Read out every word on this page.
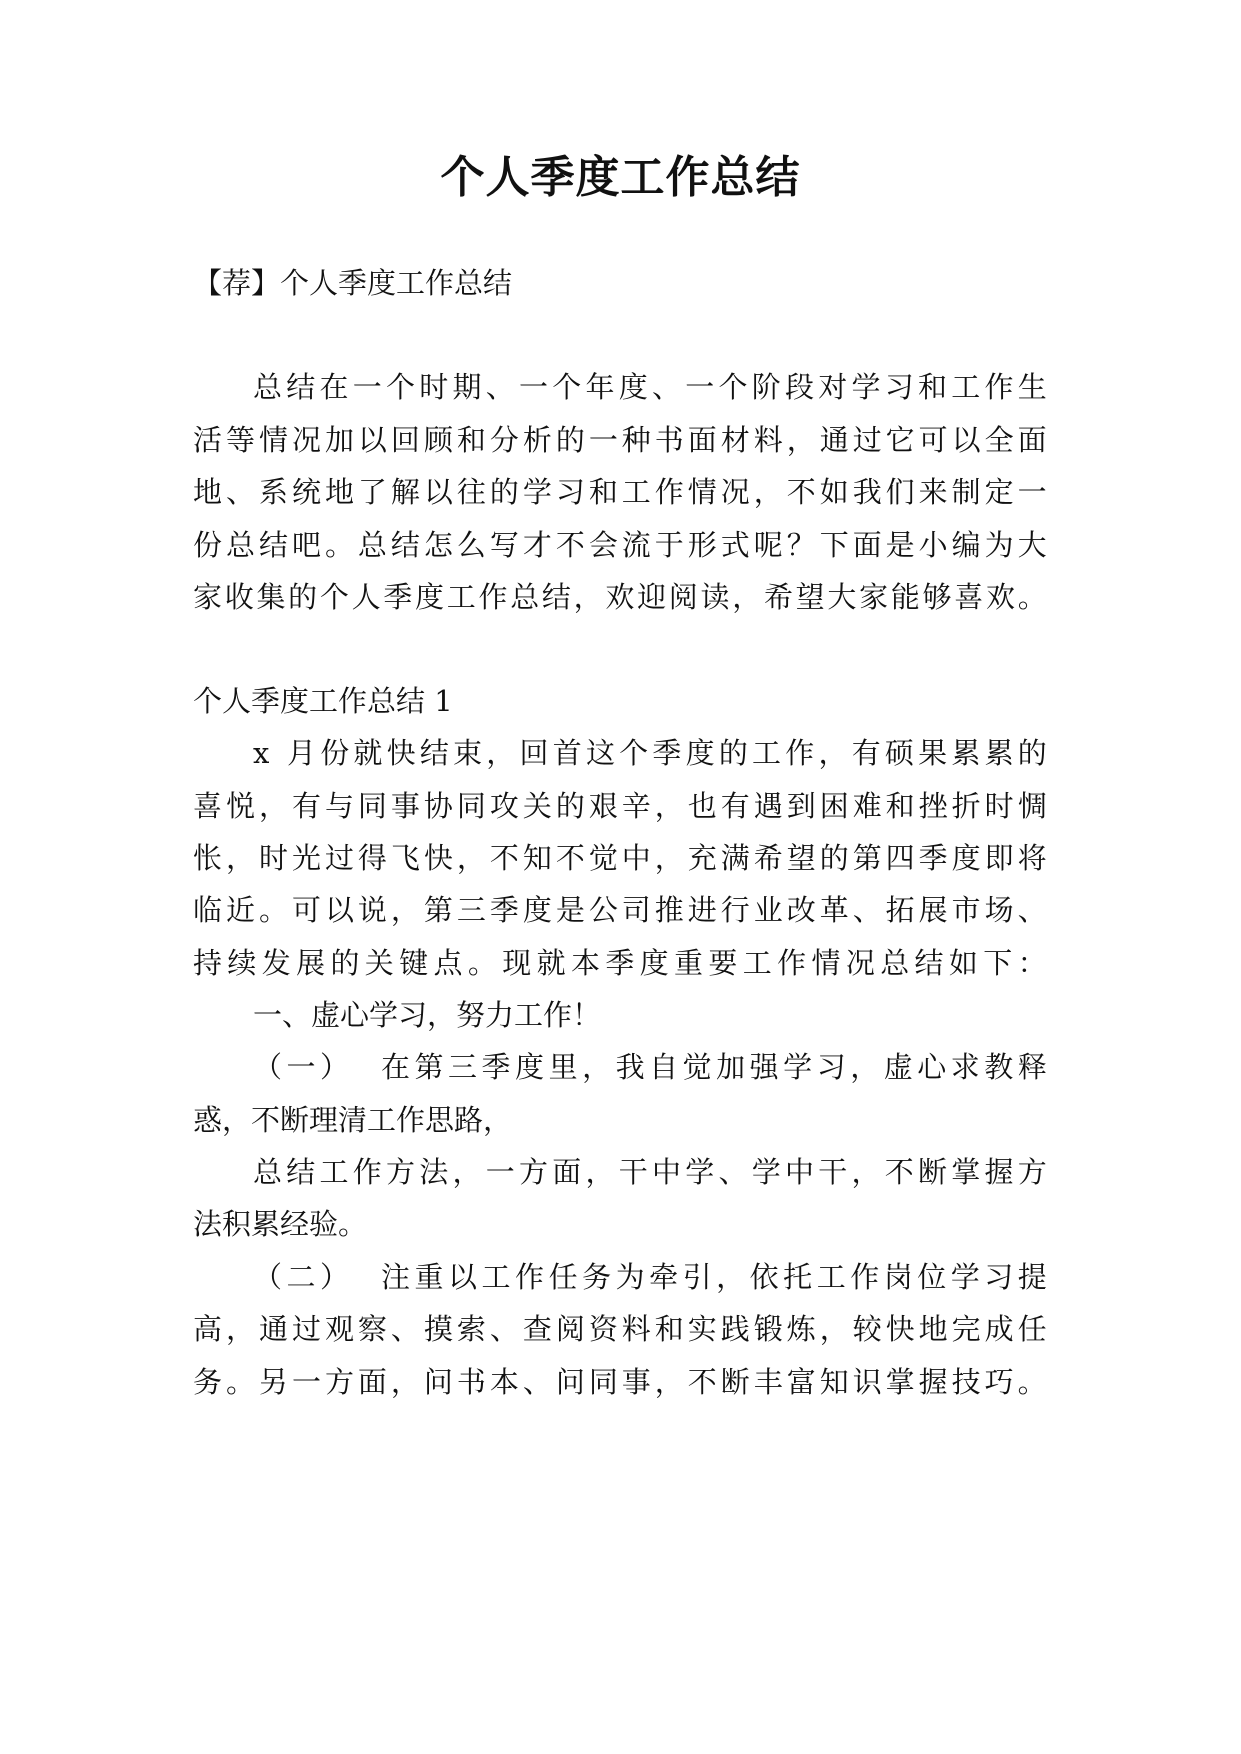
个人季度工作总结
【荐】个人季度工作总结
总 结 在 一 个 时 期 、 一 个 年 度 、 一 个 阶 段 对 学 习 和 工 作 生
活 等 情 况 加 以 回 顾 和 分 析 的 一 种 书 面 材 料 ， 通 过 它 可 以 全 面
地 、 系 统 地 了 解 以 往 的 学 习 和 工 作 情 况 ， 不 如 我 们 来 制 定 一
份 总 结 吧 。 总 结 怎 么 写 才 不 会 流 于 形 式 呢 ？ 下 面 是 小 编 为 大
家 收 集 的 个 人 季 度 工 作 总 结 ， 欢 迎 阅 读 ， 希 望 大 家 能 够 喜 欢 。
个人季度工作总结 1
x
月 份 就 快 结 束 ， 回 首 这 个 季 度 的 工 作 ， 有 硕 果 累 累 的
喜 悦 ， 有 与 同 事 协 同 攻 关 的 艰 辛 ， 也 有 遇 到 困 难 和 挫 折 时 惆
怅 ， 时 光 过 得 飞 快 ， 不 知 不 觉 中 ， 充 满 希 望 的 第 四 季 度 即 将
临 近 。 可 以 说 ， 第 三 季 度 是 公 司 推 进 行 业 改 革 、 拓 展 市 场 、
持 续 发 展 的 关 键 点 。 现 就 本 季 度 重 要 工 作 情 况 总 结 如 下 ：
一、虚心学习，努力工作！
（ 一 ）

在 第 三 季 度 里 ， 我 自 觉 加 强 学 习 ， 虚 心 求 教 释
惑，不断理清工作思路，
总 结 工 作 方 法 ， 一 方 面 ， 干 中 学 、 学 中 干 ， 不 断 掌 握 方
法积累经验。
（ 二 ）

注 重 以 工 作 任 务 为 牵 引 ， 依 托 工 作 岗 位 学 习 提
高 ， 通 过 观 察 、 摸 索 、 查 阅 资 料 和 实 践 锻 炼 ， 较 快 地 完 成 任
务 。 另 一 方 面 ， 问 书 本 、 问 同 事 ， 不 断 丰 富 知 识 掌 握 技 巧 。
